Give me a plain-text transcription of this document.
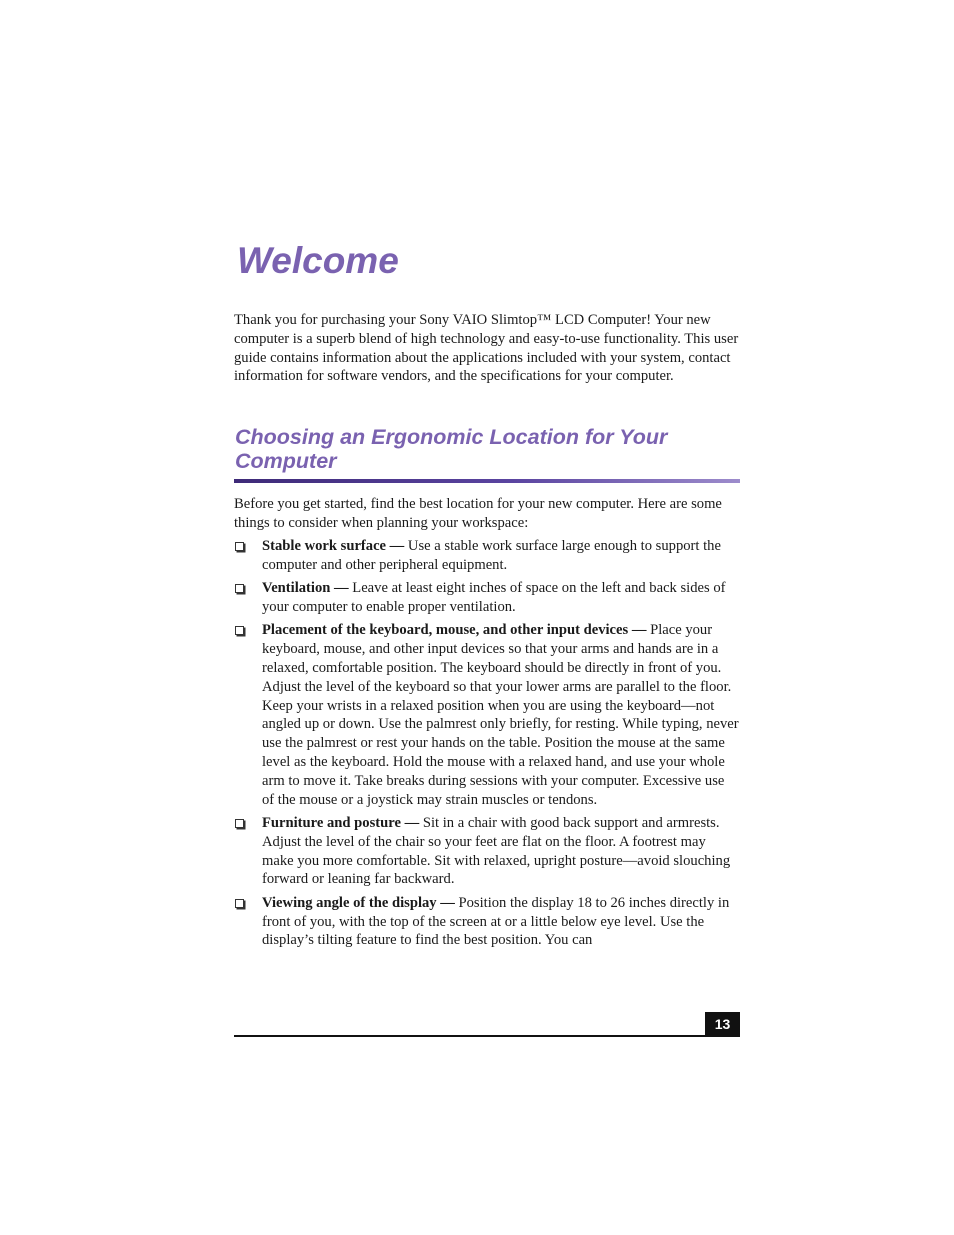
Welcome

Thank you for purchasing your Sony VAIO Slimtop™ LCD Computer! Your new computer is a superb blend of high technology and easy-to-use functionality. This user guide contains information about the applications included with your system, contact information for software vendors, and the specifications for your computer.

Choosing an Ergonomic Location for Your Computer

Before you get started, find the best location for your new computer. Here are some things to consider when planning your workspace:

Stable work surface — Use a stable work surface large enough to support the computer and other peripheral equipment.
Ventilation — Leave at least eight inches of space on the left and back sides of your computer to enable proper ventilation.
Placement of the keyboard, mouse, and other input devices — Place your keyboard, mouse, and other input devices so that your arms and hands are in a relaxed, comfortable position. The keyboard should be directly in front of you. Adjust the level of the keyboard so that your lower arms are parallel to the floor. Keep your wrists in a relaxed position when you are using the keyboard—not angled up or down. Use the palmrest only briefly, for resting. While typing, never use the palmrest or rest your hands on the table. Position the mouse at the same level as the keyboard. Hold the mouse with a relaxed hand, and use your whole arm to move it. Take breaks during sessions with your computer. Excessive use of the mouse or a joystick may strain muscles or tendons.
Furniture and posture — Sit in a chair with good back support and armrests. Adjust the level of the chair so your feet are flat on the floor. A footrest may make you more comfortable. Sit with relaxed, upright posture—avoid slouching forward or leaning far backward.
Viewing angle of the display — Position the display 18 to 26 inches directly in front of you, with the top of the screen at or a little below eye level. Use the display’s tilting feature to find the best position. You can
13
